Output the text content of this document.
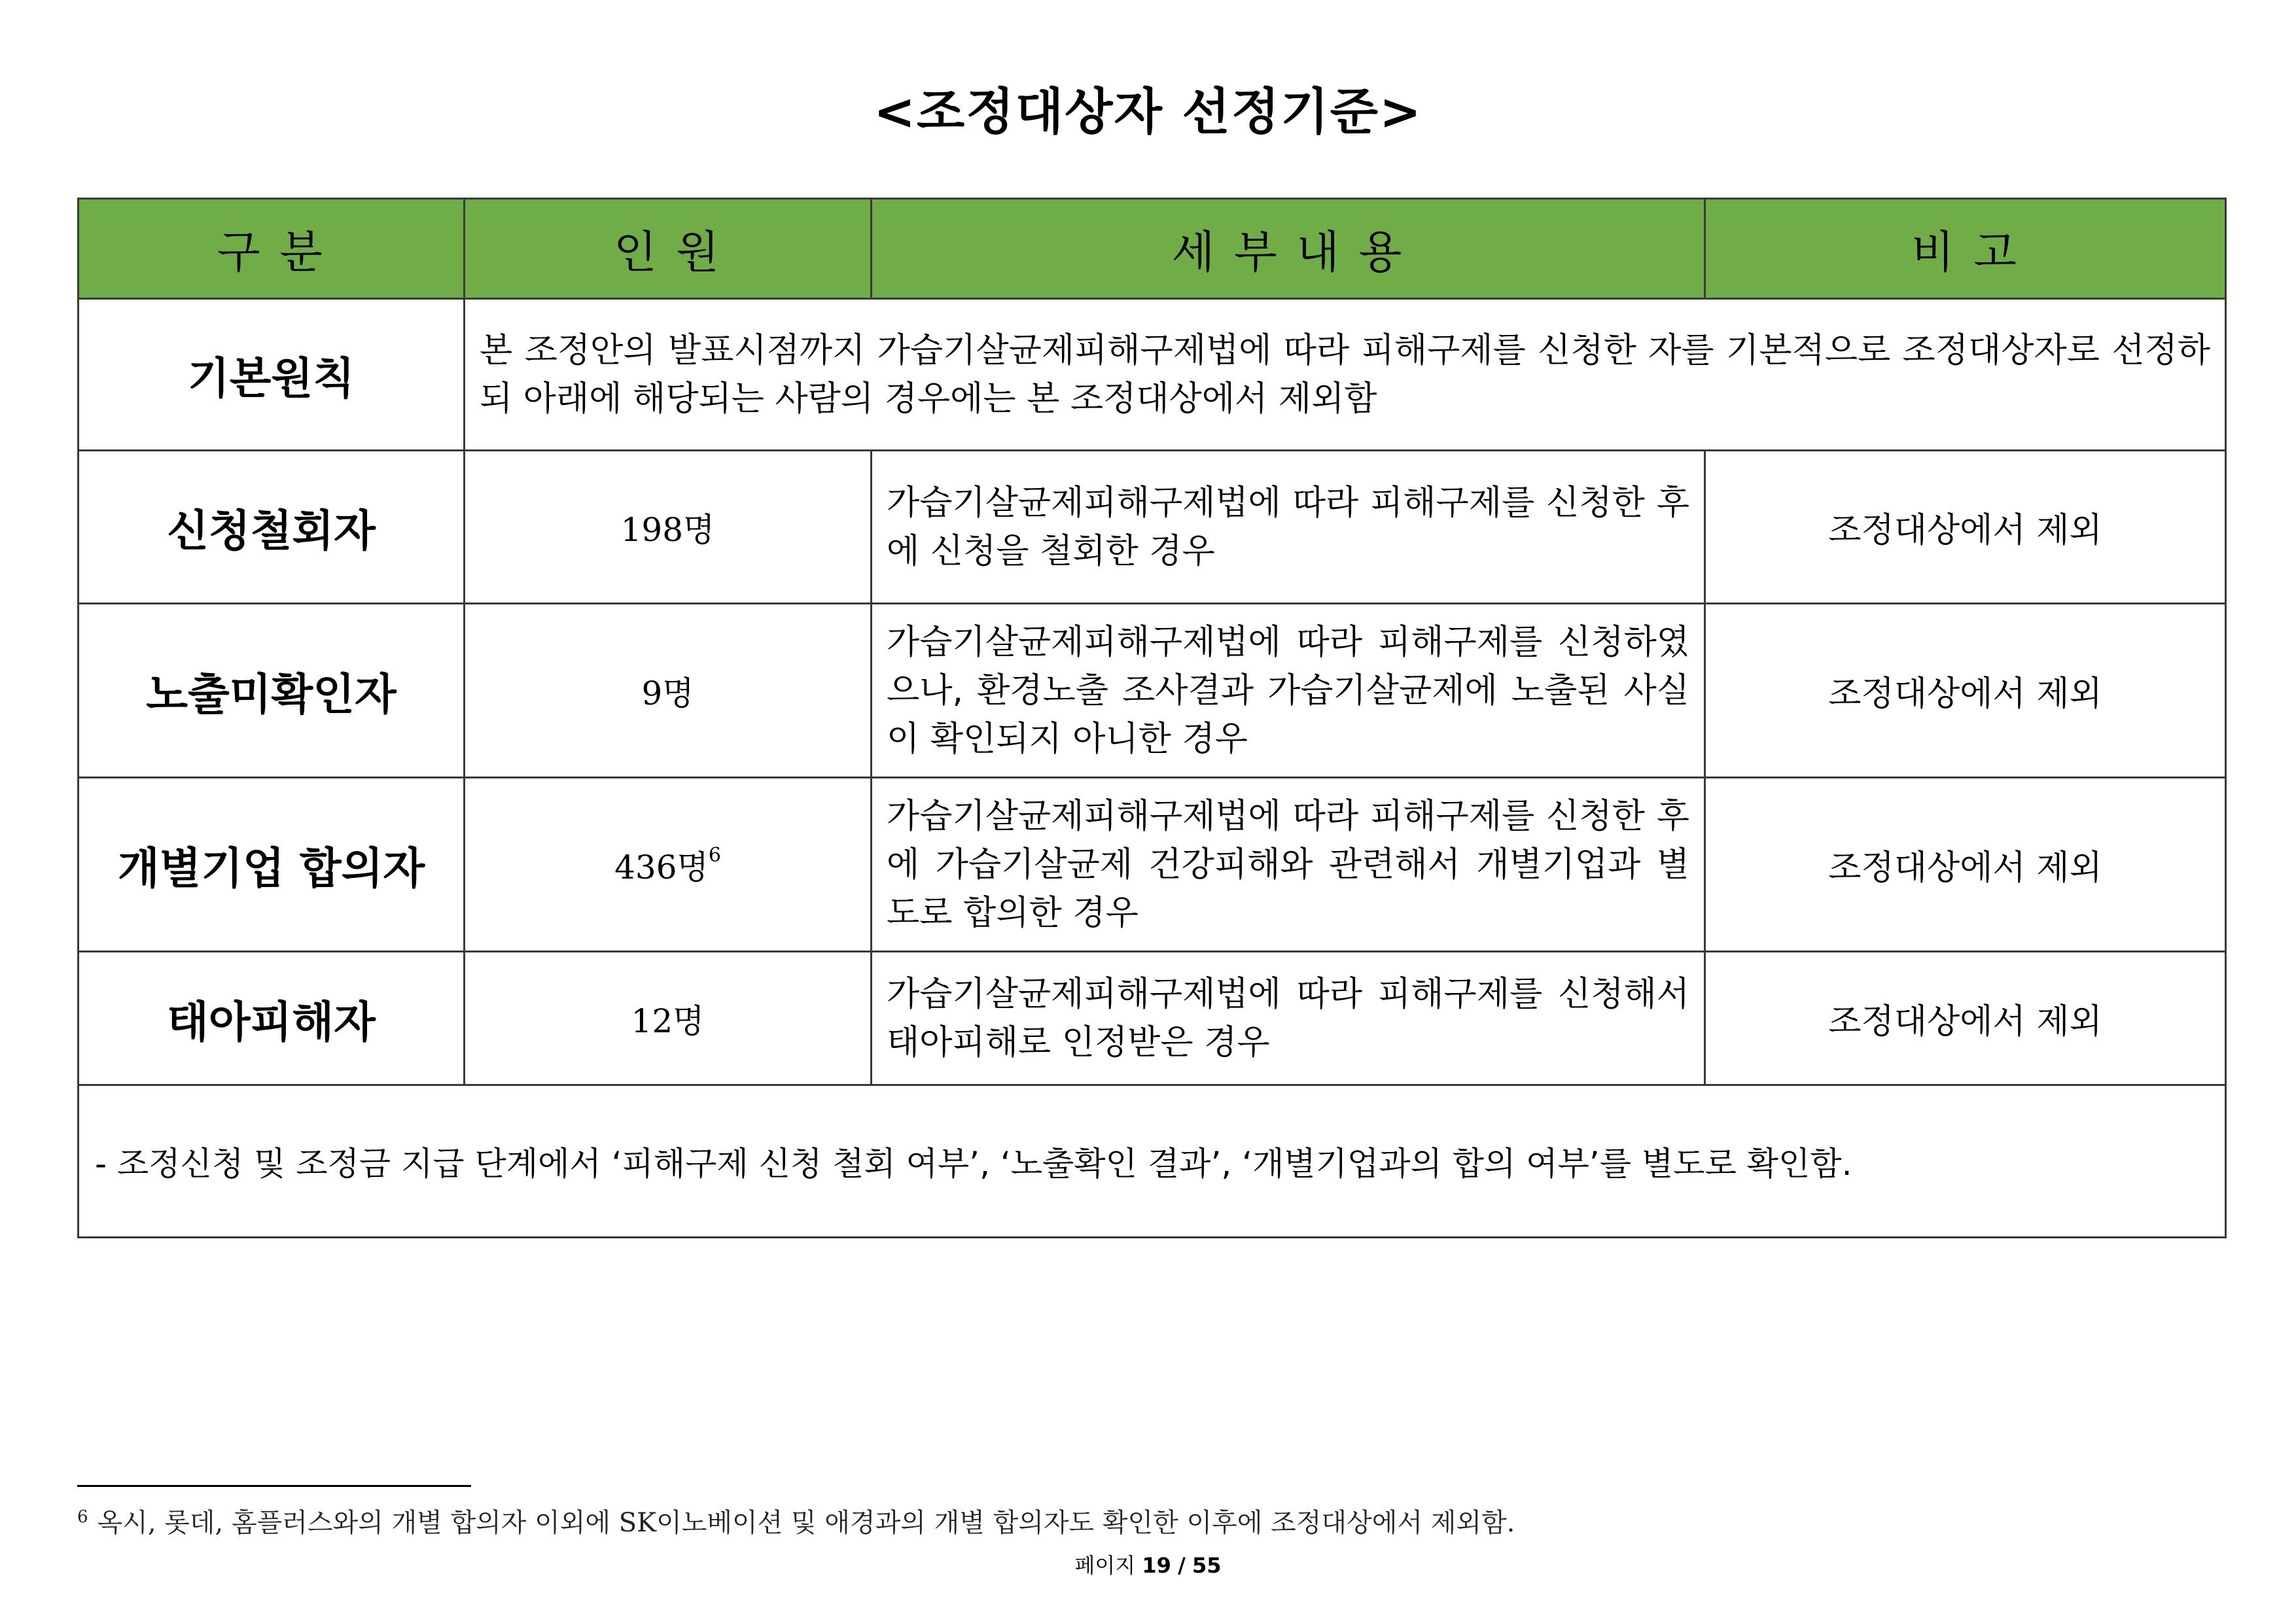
<조정대상자 선정기준>
구 분	인 원	세 부 내 용	비 고
기본원칙	본 조정안의 발표시점까지 가습기살균제피해구제법에 따라 피해구제를 신청한 자를 기본적으로 조정대상자로 선정하되 아래에 해당되는 사람의 경우에는 본 조정대상에서 제외함		
신청철회자	198명	가습기살균제피해구제법에 따라 피해구제를 신청한 후에 신청을 철회한 경우	조정대상에서 제외
노출미확인자	9명	가습기살균제피해구제법에 따라 피해구제를 신청하였으나, 환경노출 조사결과 가습기살균제에 노출된 사실이 확인되지 아니한 경우	조정대상에서 제외
개별기업 합의자	436명$^6$	가습기살균제피해구제법에 따라 피해구제를 신청한 후에 가습기살균제 건강피해와 관련해서 개별기업과 별도로 합의한 경우	조정대상에서 제외
태아피해자	12명	가습기살균제피해구제법에 따라 피해구제를 신청해서 태아피해로 인정받은 경우	조정대상에서 제외
- 조정신청 및 조정금 지급 단계에서 ‘피해구제 신청 철회 여부’, ‘노출확인 결과’, ‘개별기업과의 합의 여부’를 별도로 확인함.			
$^6$ 옥시, 롯데, 홈플러스와의 개별 합의자 이외에 SK이노베이션 및 애경과의 개별 합의자도 확인한 이후에 조정대상에서 제외함.
페이지 19 / 55
